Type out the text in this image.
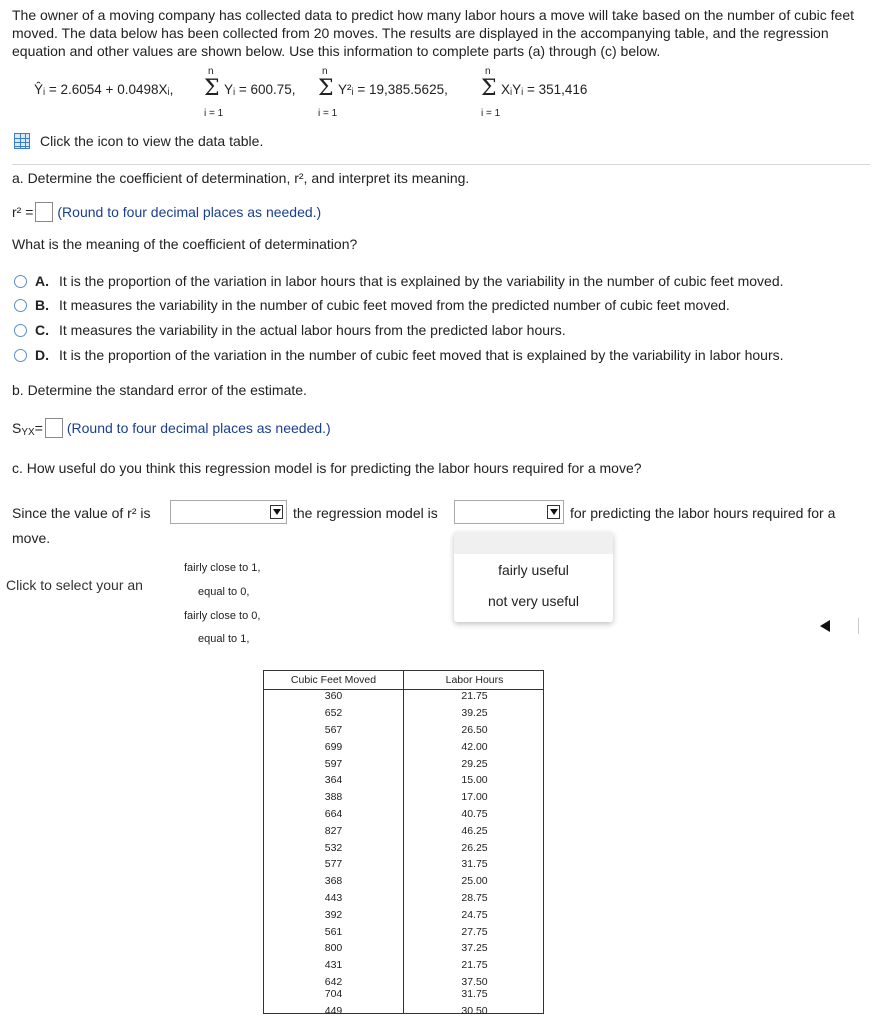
The owner of a moving company has collected data to predict how many labor hours a move will take based on the number of cubic feet moved. The data below has been collected from 20 moves. The results are displayed in the accompanying table, and the regression equation and other values are shown below. Use this information to complete parts (a) through (c) below.
Ŷᵢ = 2.6054 + 0.0498Xᵢ,
n
Σ
i = 1
Yᵢ = 600.75,
n
Σ
i = 1
Y²ᵢ = 19,385.5625,
n
Σ
i = 1
XᵢYᵢ = 351,416
Click the icon to view the data table.
a. Determine the coefficient of determination, r², and interpret its meaning.
r² = (Round to four decimal places as needed.)
What is the meaning of the coefficient of determination?
A. It is the proportion of the variation in labor hours that is explained by the variability in the number of cubic feet moved.
B. It measures the variability in the number of cubic feet moved from the predicted number of cubic feet moved.
C. It measures the variability in the actual labor hours from the predicted labor hours.
D. It is the proportion of the variation in the number of cubic feet moved that is explained by the variability in labor hours.
b. Determine the standard error of the estimate.
S YX = (Round to four decimal places as needed.)
c. How useful do you think this regression model is for predicting the labor hours required for a move?
Since the value of r² is	the regression model is	for predicting the labor hours required for a
move.
fairly close to 1,
equal to 0,
fairly close to 0,
equal to 1,
fairly useful
not very useful
Click to select your an
Cubic Feet Moved	Labor Hours
360	21.75
652	39.25
567	26.50
699	42.00
597	29.25
364	15.00
388	17.00
664	40.75
827	46.25
532	26.25
577	31.75
368	25.00
443	28.75
392	24.75
561	27.75
800	37.25
431	21.75
642	37.50
704	31.75
449	30.50
